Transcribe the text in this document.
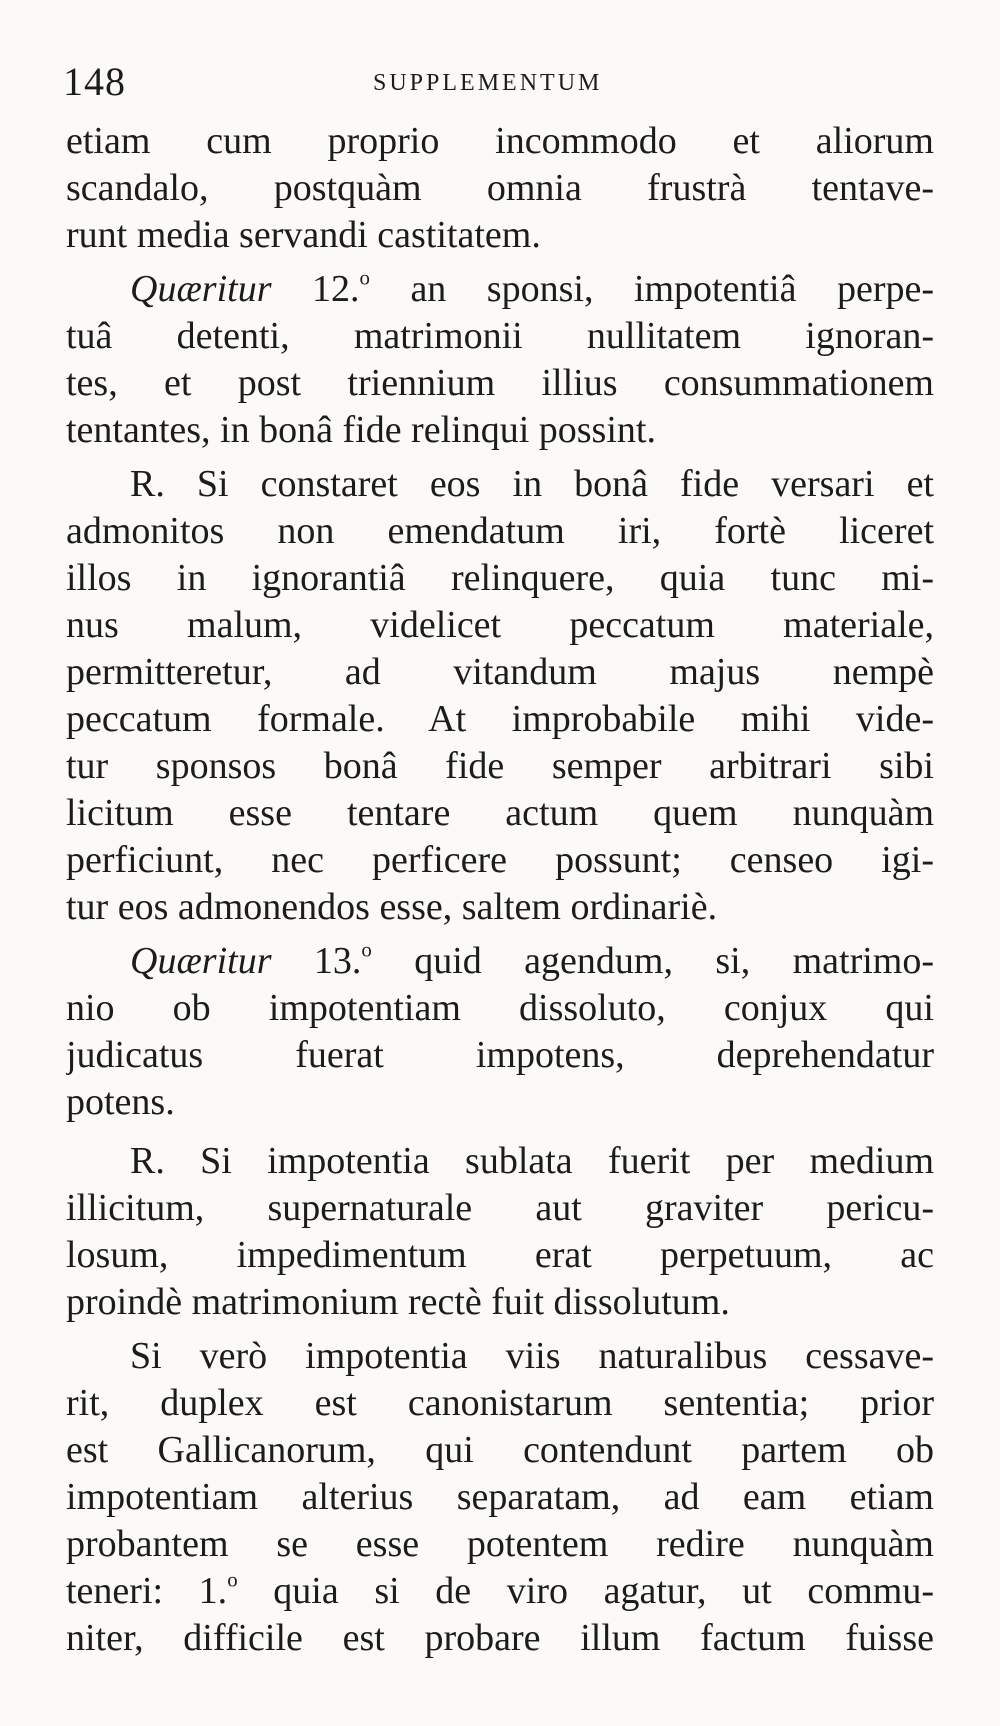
148	SUPPLEMENTUM
etiam cum proprio incommodo et aliorum
scandalo, postquàm omnia frustrà tentave-
runt media servandi castitatem.
Quæritur 12.$^o$ an sponsi, impotentiâ perpe-
tuâ detenti, matrimonii nullitatem ignoran-
tes, et post triennium illius consummationem
tentantes, in bonâ fide relinqui possint.
R. Si constaret eos in bonâ fide versari et
admonitos non emendatum iri, fortè liceret
illos in ignorantiâ relinquere, quia tunc mi-
nus malum, videlicet peccatum materiale,
permitteretur, ad vitandum majus nempè
peccatum formale. At improbabile mihi vide-
tur sponsos bonâ fide semper arbitrari sibi
licitum esse tentare actum quem nunquàm
perficiunt, nec perficere possunt; censeo igi-
tur eos admonendos esse, saltem ordinariè.
Quæritur 13.$^o$ quid agendum, si, matrimo-
nio ob impotentiam dissoluto, conjux qui
judicatus fuerat impotens, deprehendatur
potens.
R. Si impotentia sublata fuerit per medium
illicitum, supernaturale aut graviter pericu-
losum, impedimentum erat perpetuum, ac
proindè matrimonium rectè fuit dissolutum.
Si verò impotentia viis naturalibus cessave-
rit, duplex est canonistarum sententia; prior
est Gallicanorum, qui contendunt partem ob
impotentiam alterius separatam, ad eam etiam
probantem se esse potentem redire nunquàm
teneri: 1.$^o$ quia si de viro agatur, ut commu-
niter, difficile est probare illum factum fuisse
